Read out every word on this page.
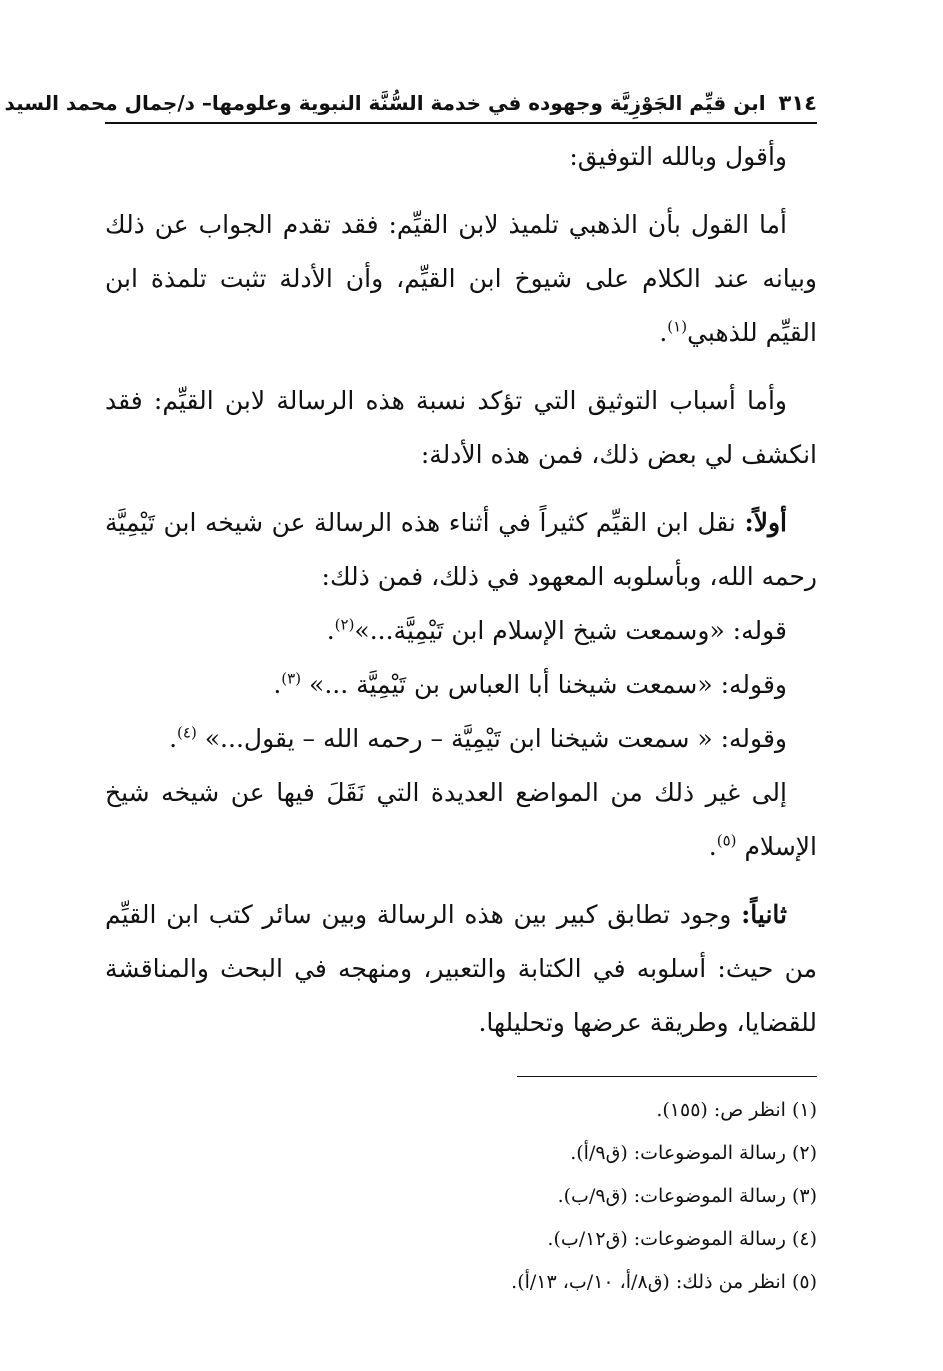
٣١٤ ابن قيِّم الجَوْزِيَّة وجهوده في خدمة السُّنَّة النبوية وعلومها– د/جمال محمد السيد

وأقول وبالله التوفيق:

أما القول بأن الذهبي تلميذ لابن القيِّم: فقد تقدم الجواب عن ذلك وبيانه عند الكلام على شيوخ ابن القيِّم، وأن الأدلة تثبت تلمذة ابن القيِّم للذهبي$^{(١)}$.

وأما أسباب التوثيق التي تؤكد نسبة هذه الرسالة لابن القيِّم: فقد انكشف لي بعض ذلك، فمن هذه الأدلة:

أولاً: نقل ابن القيِّم كثيراً في أثناء هذه الرسالة عن شيخه ابن تَيْمِيَّة رحمه الله، وبأسلوبه المعهود في ذلك، فمن ذلك:

قوله: «وسمعت شيخ الإسلام ابن تَيْمِيَّة...»$^{(٢)}$.

وقوله: «سمعت شيخنا أبا العباس بن تَيْمِيَّة ...» $^{(٣)}$.

وقوله: « سمعت شيخنا ابن تَيْمِيَّة – رحمه الله – يقول...» $^{(٤)}$.

إلى غير ذلك من المواضع العديدة التي نَقَلَ فيها عن شيخه شيخ الإسلام $^{(٥)}$.

ثانياً: وجود تطابق كبير بين هذه الرسالة وبين سائر كتب ابن القيِّم من حيث: أسلوبه في الكتابة والتعبير، ومنهجه في البحث والمناقشة للقضايا، وطريقة عرضها وتحليلها.

(١) انظر ص: (١٥٥).

(٢) رسالة الموضوعات: (ق٩/أ).

(٣) رسالة الموضوعات: (ق٩/ب).

(٤) رسالة الموضوعات: (ق١٢/ب).

(٥) انظر من ذلك: (ق٨/أ، ١٠/ب، ١٣/أ).
